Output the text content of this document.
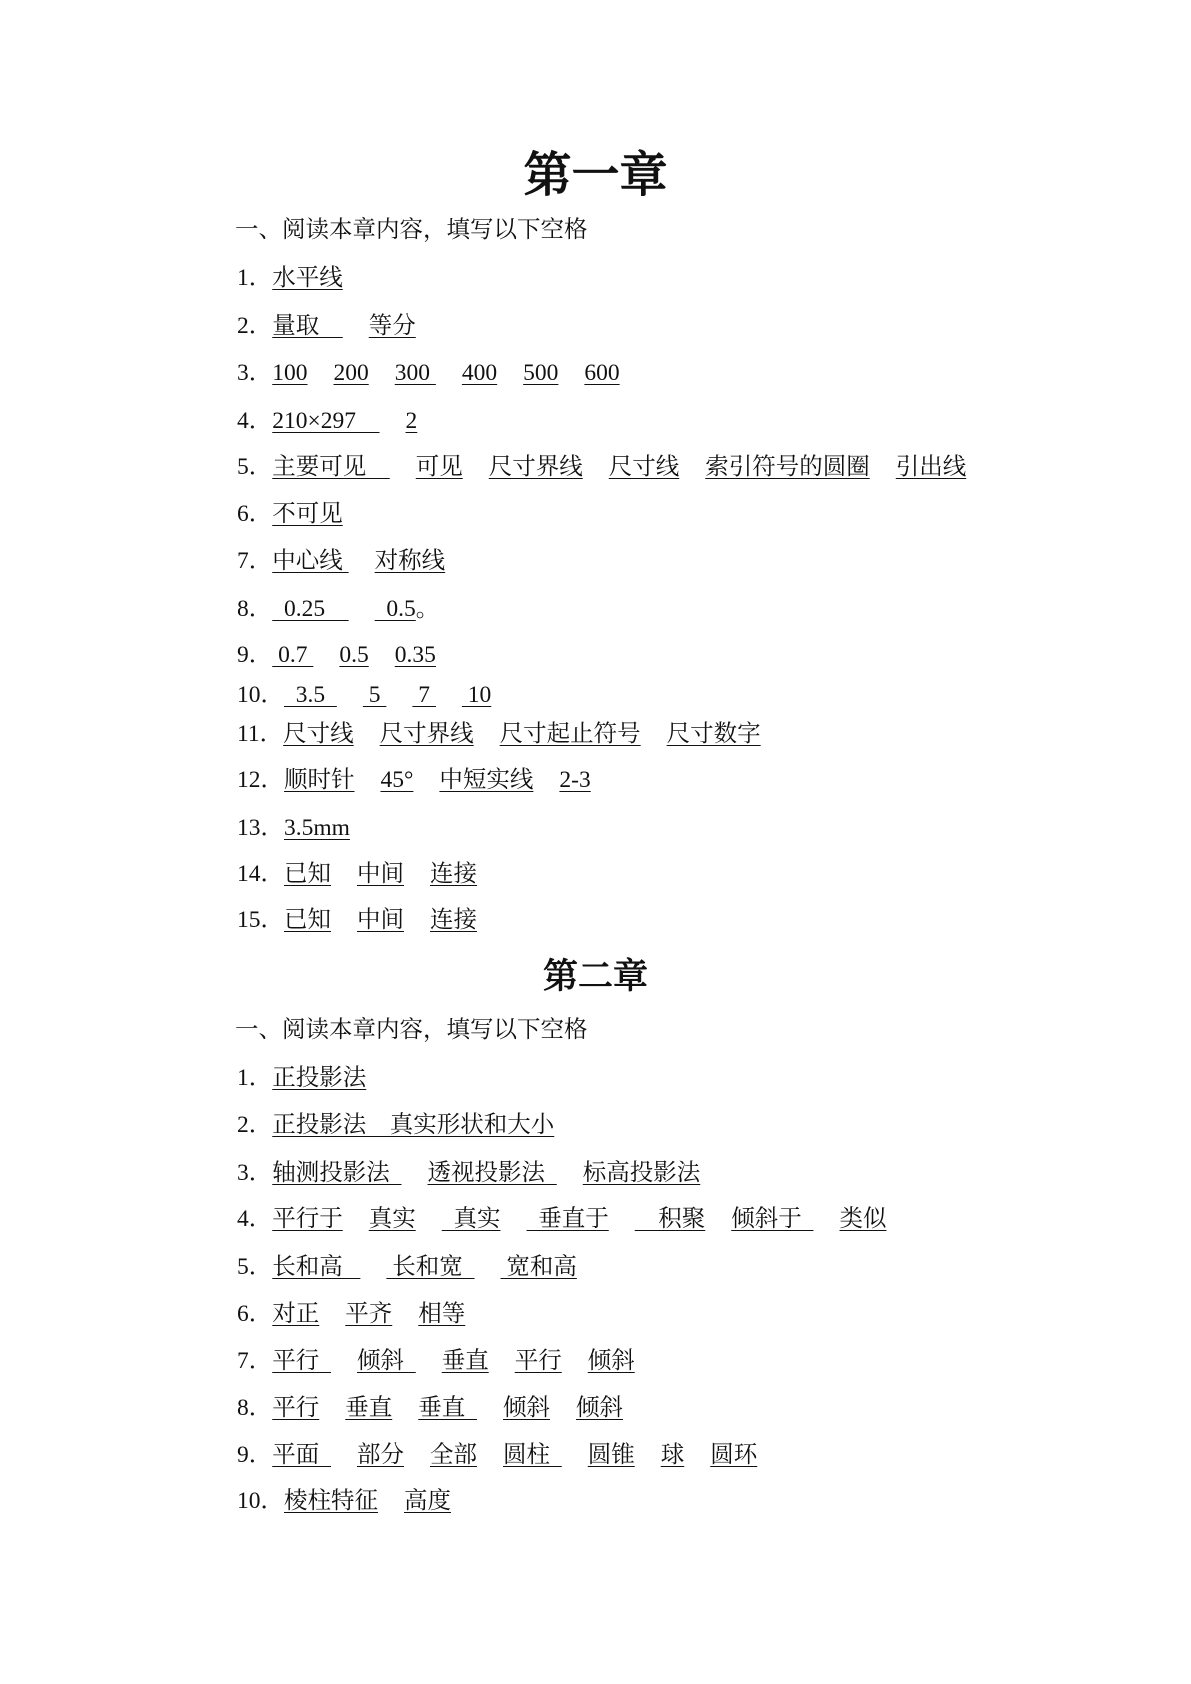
第一章
一、阅读本章内容，填写以下空格
1． 水平线
2． 量取 等分
3． 100 200 300 400 500 600
4． 210×297 2
5． 主要可见 可见 尺寸界线 尺寸线 索引符号的圆圈 引出线
6． 不可见
7． 中心线 对称线
8． 0.25 0.5 。
9． 0.7 0.5 0.35
10． 3.5 5 7 10
11． 尺寸线 尺寸界线 尺寸起止符号 尺寸数字
12． 顺时针 45° 中短实线 2-3
13． 3.5mm
14． 已知 中间 连接
15． 已知 中间 连接
第二章
一、阅读本章内容，填写以下空格
1． 正投影法
2． 正投影法    真实形状和大小
3． 轴测投影法 透视投影法 标高投影法
4． 平行于 真实 真实 垂直于 积聚 倾斜于 类似
5． 长和高 长和宽 宽和高
6． 对正 平齐 相等
7． 平行 倾斜 垂直 平行 倾斜
8． 平行 垂直 垂直 倾斜 倾斜
9． 平面 部分 全部 圆柱 圆锥 球 圆环
10． 棱柱特征 高度
